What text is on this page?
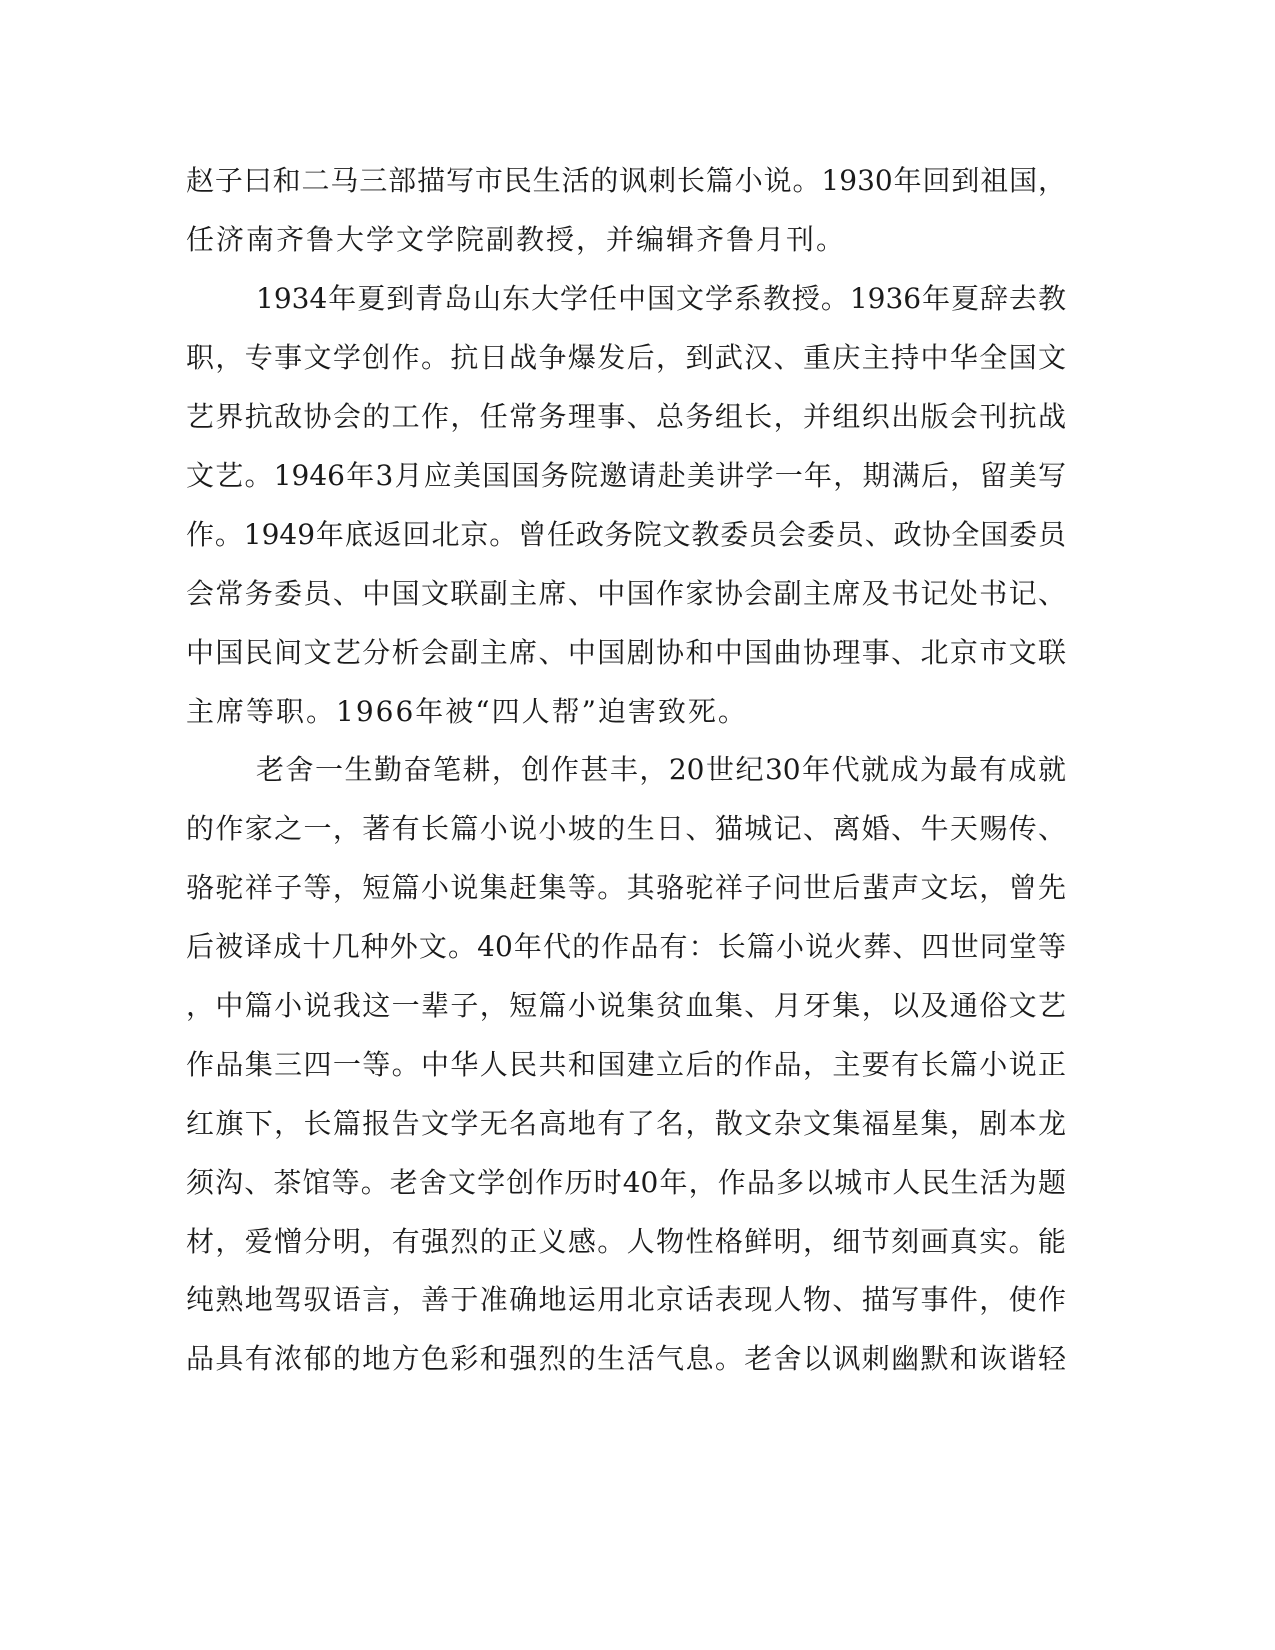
赵子曰和二马三部描写市民生活的讽刺长篇小说。1930年回到祖国，
任济南齐鲁大学文学院副教授，并编辑齐鲁月刊。
1934年夏到青岛山东大学任中国文学系教授。1936年夏辞去教
职，专事文学创作。抗日战争爆发后，到武汉、重庆主持中华全国文
艺界抗敌协会的工作，任常务理事、总务组长，并组织出版会刊抗战
文艺。1946年3月应美国国务院邀请赴美讲学一年，期满后，留美写
作。1949年底返回北京。曾任政务院文教委员会委员、政协全国委员
会常务委员、中国文联副主席、中国作家协会副主席及书记处书记、
中国民间文艺分析会副主席、中国剧协和中国曲协理事、北京市文联
主席等职。1966年被“四人帮”迫害致死。
老舍一生勤奋笔耕，创作甚丰，20世纪30年代就成为最有成就
的作家之一，著有长篇小说小坡的生日、猫城记、离婚、牛天赐传、
骆驼祥子等，短篇小说集赶集等。其骆驼祥子问世后蜚声文坛，曾先
后被译成十几种外文。40年代的作品有：长篇小说火葬、四世同堂等
，中篇小说我这一辈子，短篇小说集贫血集、月牙集，以及通俗文艺
作品集三四一等。中华人民共和国建立后的作品，主要有长篇小说正
红旗下，长篇报告文学无名高地有了名，散文杂文集福星集，剧本龙
须沟、茶馆等。老舍文学创作历时40年，作品多以城市人民生活为题
材，爱憎分明，有强烈的正义感。人物性格鲜明，细节刻画真实。能
纯熟地驾驭语言，善于准确地运用北京话表现人物、描写事件，使作
品具有浓郁的地方色彩和强烈的生活气息。老舍以讽刺幽默和诙谐轻
